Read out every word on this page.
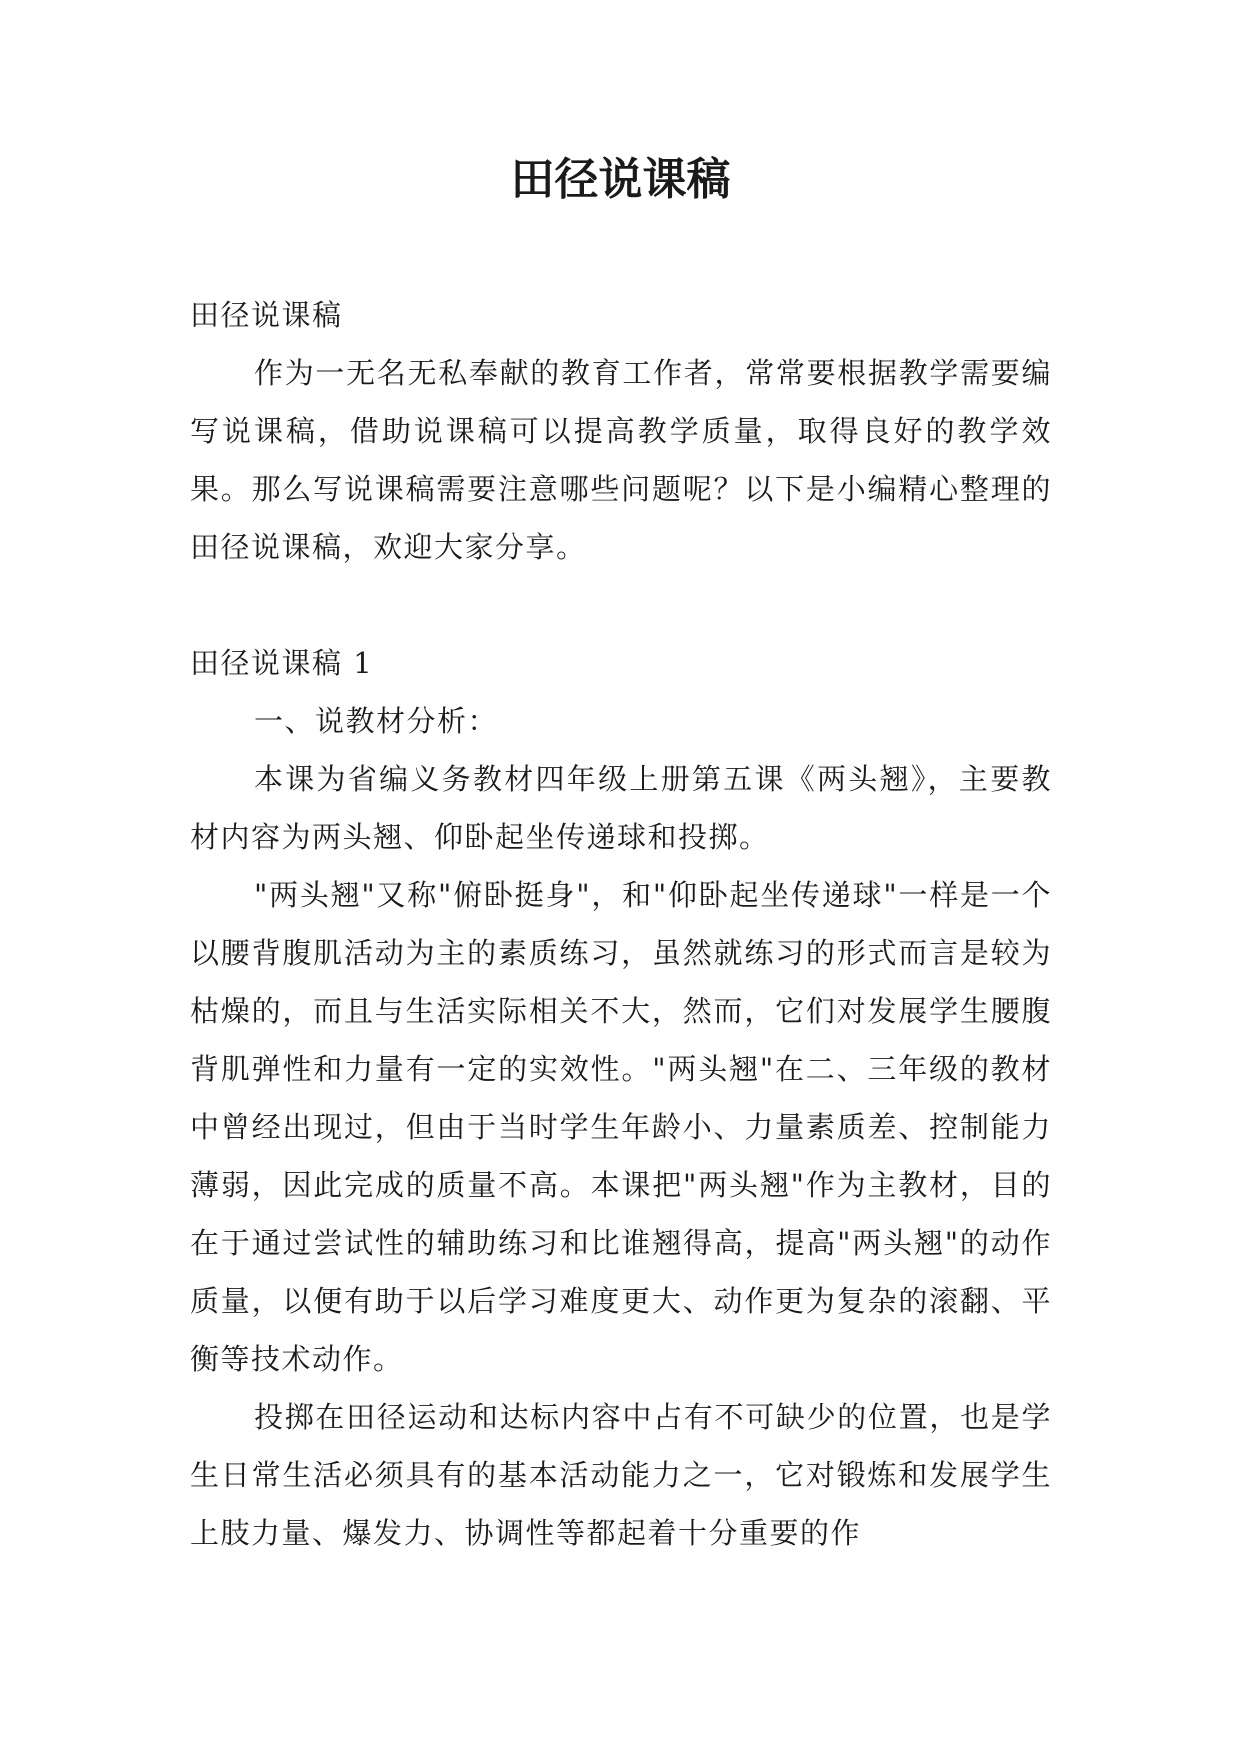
田径说课稿

田径说课稿

作为一无名无私奉献的教育工作者，常常要根据教学需要编写说课稿，借助说课稿可以提高教学质量，取得良好的教学效果。那么写说课稿需要注意哪些问题呢？以下是小编精心整理的田径说课稿，欢迎大家分享。

田径说课稿 1

一、说教材分析：

本课为省编义务教材四年级上册第五课《两头翘》，主要教材内容为两头翘、仰卧起坐传递球和投掷。

"两头翘"又称"俯卧挺身"，和"仰卧起坐传递球"一样是一个以腰背腹肌活动为主的素质练习，虽然就练习的形式而言是较为枯燥的，而且与生活实际相关不大，然而，它们对发展学生腰腹背肌弹性和力量有一定的实效性。"两头翘"在二、三年级的教材中曾经出现过，但由于当时学生年龄小、力量素质差、控制能力薄弱，因此完成的质量不高。本课把"两头翘"作为主教材，目的在于通过尝试性的辅助练习和比谁翘得高，提高"两头翘"的动作质量，以便有助于以后学习难度更大、动作更为复杂的滚翻、平衡等技术动作。

投掷在田径运动和达标内容中占有不可缺少的位置，也是学生日常生活必须具有的基本活动能力之一，它对锻炼和发展学生上肢力量、爆发力、协调性等都起着十分重要的作
